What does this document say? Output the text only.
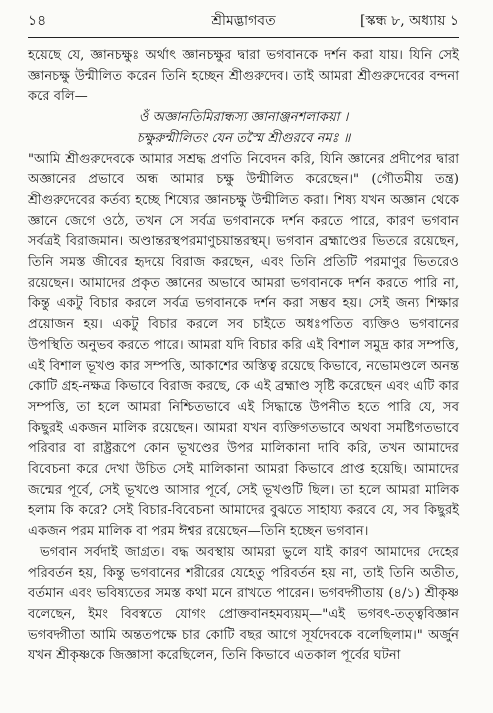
১৪	শ্রীমদ্ভাগবত	[স্কন্ধ ৮, অধ্যায় ১

হয়েছে যে, জ্ঞানচক্ষুঃ অর্থাৎ জ্ঞানচক্ষুর দ্বারা ভগবানকে দর্শন করা যায়। যিনি সেই জ্ঞানচক্ষু উন্মীলিত করেন তিনি হচ্ছেন শ্রীগুরুদেব। তাই আমরা শ্রীগুরুদেবের বন্দনা করে বলি—

ওঁ অজ্ঞানতিমিরান্ধস্য জ্ঞানাঞ্জনশলাকয়া ।

চক্ষুরুন্মীলিতং যেন তস্মৈ শ্রীগুরবে নমঃ ॥

"আমি শ্রীগুরুদেবকে আমার সশ্রদ্ধ প্রণতি নিবেদন করি, যিনি জ্ঞানের প্রদীপের দ্বারা অজ্ঞানের প্রভাবে অন্ধ আমার চক্ষু উন্মীলিত করেছেন।" (গৌতমীয় তন্ত্র) শ্রীগুরুদেবের কর্তব্য হচ্ছে শিষ্যের জ্ঞানচক্ষু উন্মীলিত করা। শিষ্য যখন অজ্ঞান থেকে জ্ঞানে জেগে ওঠে, তখন সে সর্বত্র ভগবানকে দর্শন করতে পারে, কারণ ভগবান সর্বত্রই বিরাজমান। অণ্ডান্তরস্থপরমাণুচয়ান্তরস্থম্। ভগবান ব্রহ্মাণ্ডের ভিতরে রয়েছেন, তিনি সমস্ত জীবের হৃদয়ে বিরাজ করছেন, এবং তিনি প্রতিটি পরমাণুর ভিতরেও রয়েছেন। আমাদের প্রকৃত জ্ঞানের অভাবে আমরা ভগবানকে দর্শন করতে পারি না, কিন্তু একটু বিচার করলে সর্বত্র ভগবানকে দর্শন করা সম্ভব হয়। সেই জন্য শিক্ষার প্রয়োজন হয়। একটু বিচার করলে সব চাইতে অধঃপতিত ব্যক্তিও ভগবানের উপস্থিতি অনুভব করতে পারে। আমরা যদি বিচার করি এই বিশাল সমুদ্র কার সম্পত্তি, এই বিশাল ভূখণ্ড কার সম্পত্তি, আকাশের অস্তিত্ব রয়েছে কিভাবে, নভোমণ্ডলে অনন্ত কোটি গ্রহ-নক্ষত্র কিভাবে বিরাজ করছে, কে এই ব্রহ্মাণ্ড সৃষ্টি করেছেন এবং এটি কার সম্পত্তি, তা হলে আমরা নিশ্চিতভাবে এই সিদ্ধান্তে উপনীত হতে পারি যে, সব কিছুরই একজন মালিক রয়েছেন। আমরা যখন ব্যক্তিগতভাবে অথবা সমষ্টিগতভাবে পরিবার বা রাষ্ট্ররূপে কোন ভূখণ্ডের উপর মালিকানা দাবি করি, তখন আমাদের বিবেচনা করে দেখা উচিত সেই মালিকানা আমরা কিভাবে প্রাপ্ত হয়েছি। আমাদের জন্মের পূর্বে, সেই ভূখণ্ডে আসার পূর্বে, সেই ভূখণ্ডটি ছিল। তা হলে আমরা মালিক হলাম কি করে? সেই বিচার-বিবেচনা আমাদের বুঝতে সাহায্য করবে যে, সব কিছুরই একজন পরম মালিক বা পরম ঈশ্বর রয়েছেন—তিনি হচ্ছেন ভগবান।

ভগবান সর্বদাই জাগ্রত। বদ্ধ অবস্থায় আমরা ভুলে যাই কারণ আমাদের দেহের পরিবর্তন হয়, কিন্তু ভগবানের শরীরের যেহেতু পরিবর্তন হয় না, তাই তিনি অতীত, বর্তমান এবং ভবিষ্যতের সমস্ত কথা মনে রাখতে পারেন। ভগবদ্গীতায় (৪/১) শ্রীকৃষ্ণ বলেছেন, ইমং বিবস্বতে যোগং প্রোক্তবানহমব্যয়ম্—"এই ভগবৎ-তত্ত্ববিজ্ঞান ভগবদ্গীতা আমি অন্ততপক্ষে চার কোটি বছর আগে সূর্যদেবকে বলেছিলাম।" অর্জুন যখন শ্রীকৃষ্ণকে জিজ্ঞাসা করেছিলেন, তিনি কিভাবে এতকাল পূর্বের ঘটনা
